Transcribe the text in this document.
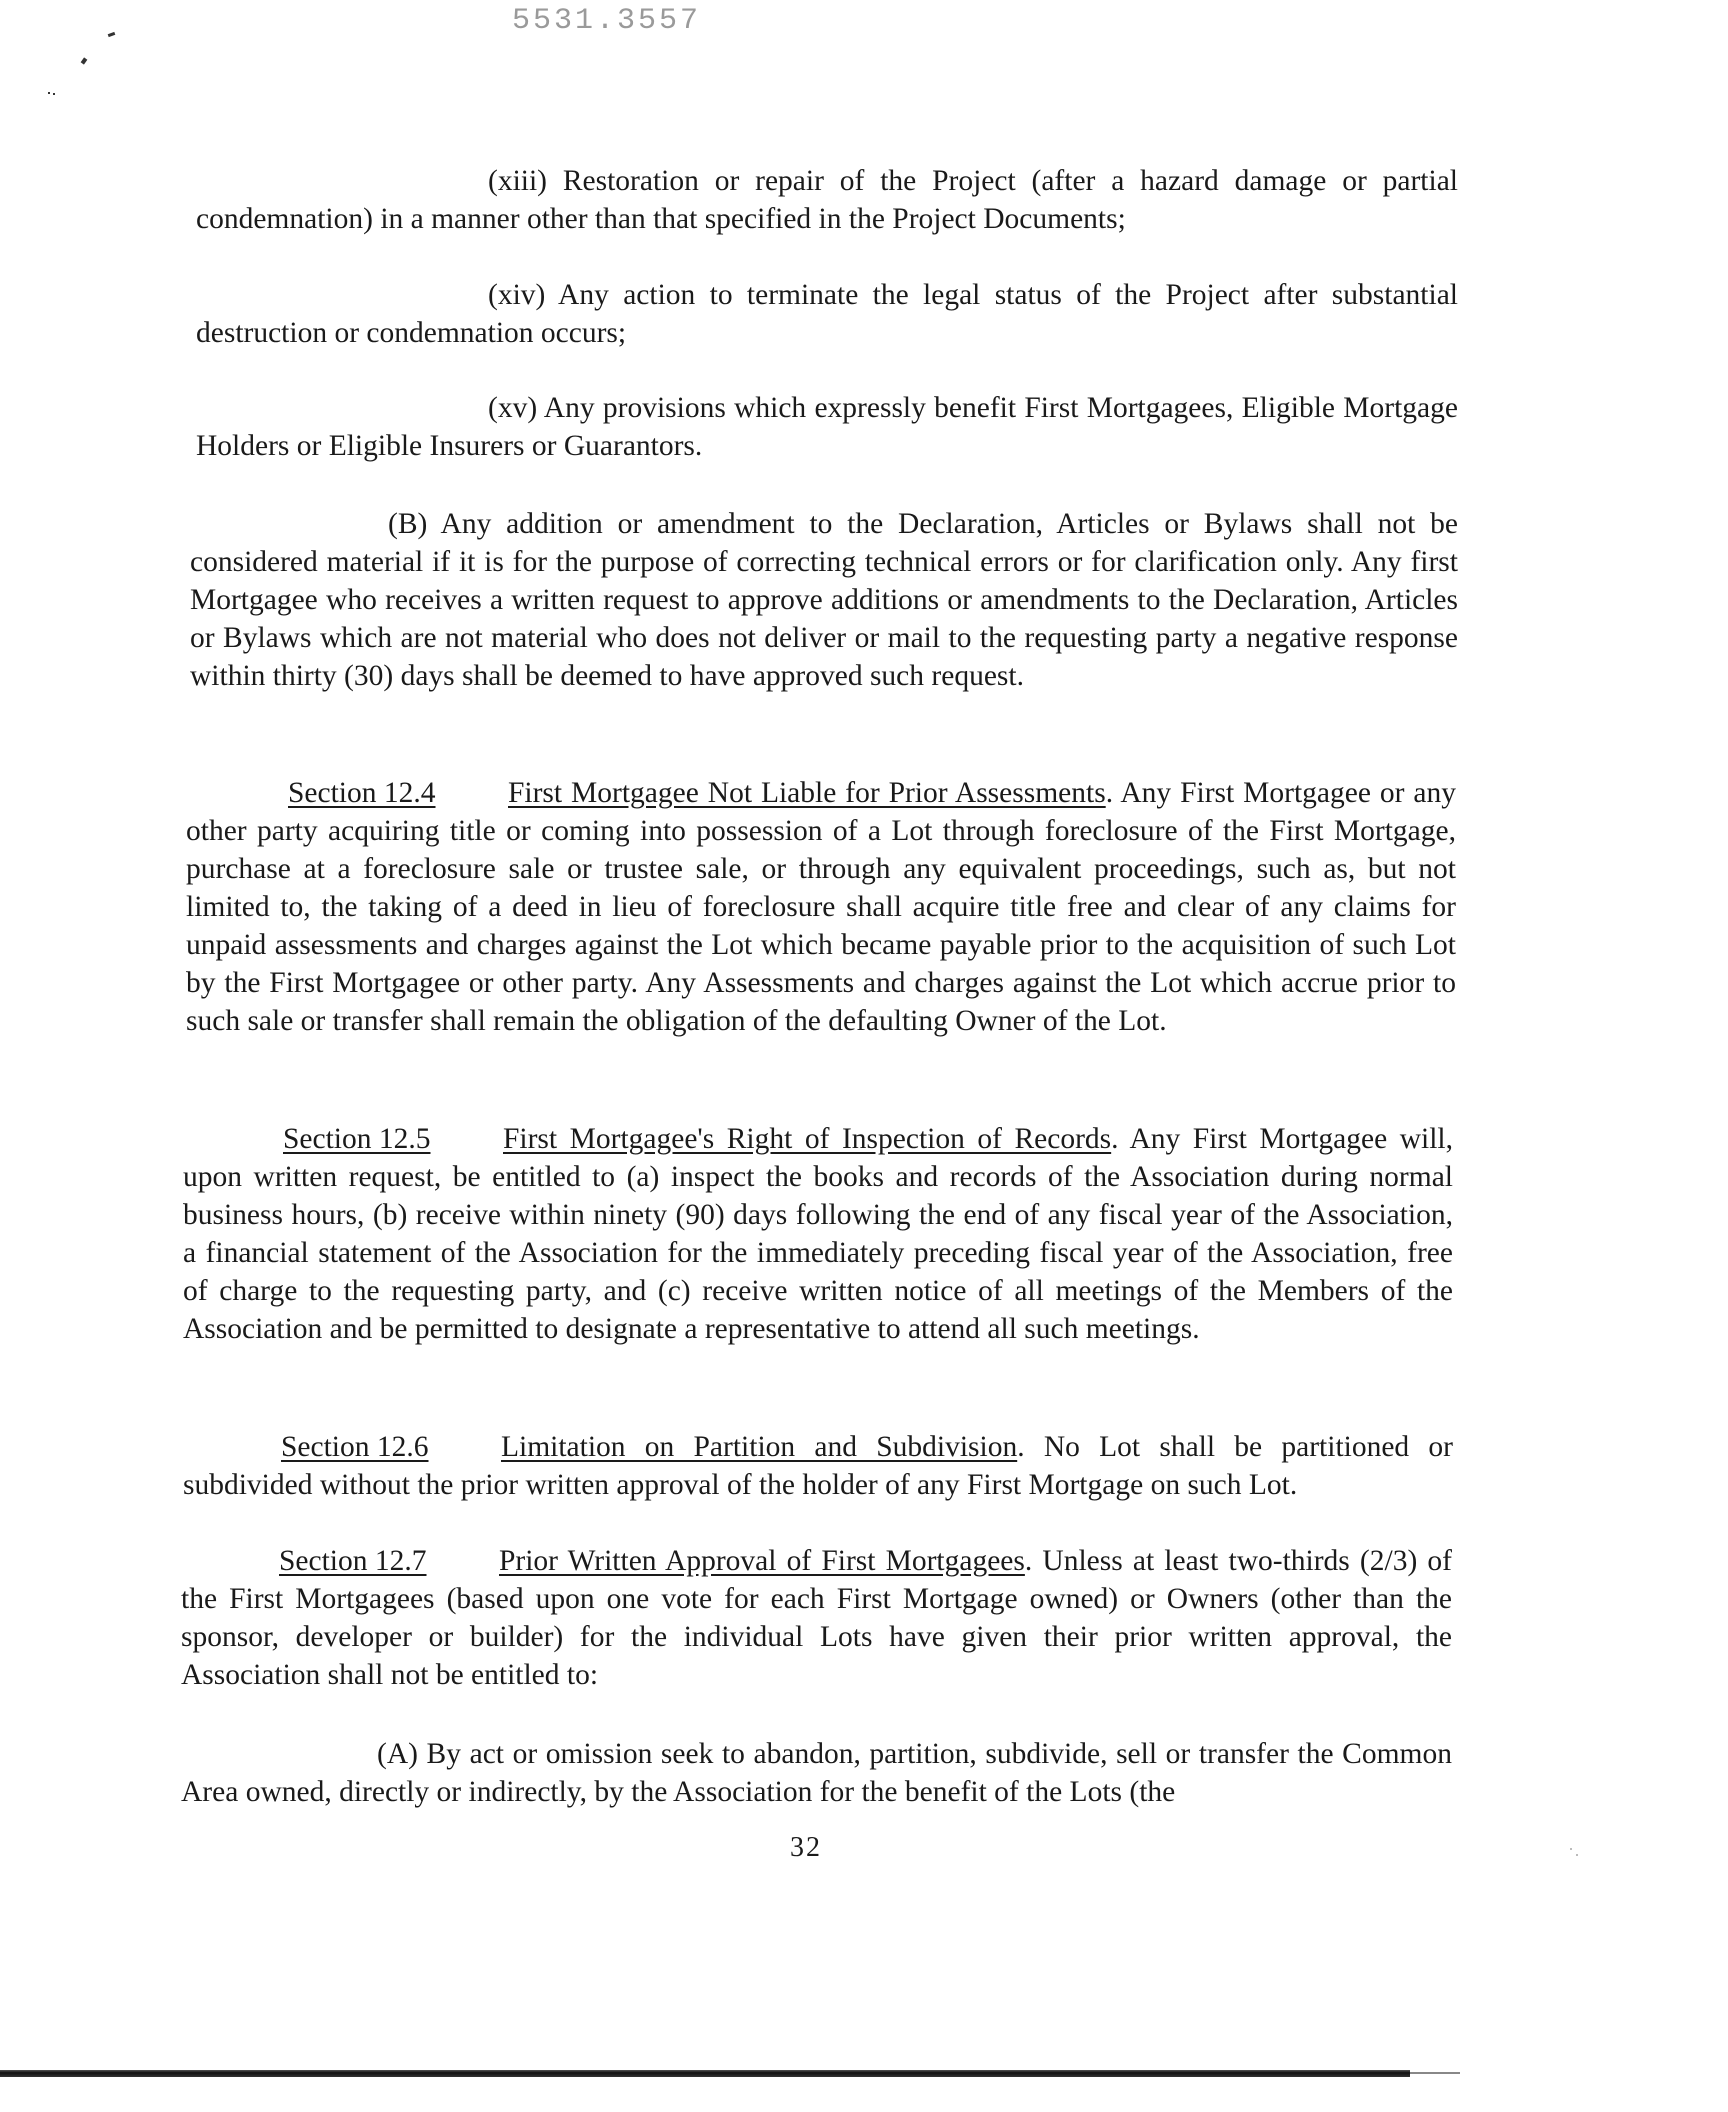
5531.3557

(xiii) Restoration or repair of the Project (after a hazard damage or partial condemnation) in a manner other than that specified in the Project Documents;

(xiv) Any action to terminate the legal status of the Project after substantial destruction or condemnation occurs;

(xv) Any provisions which expressly benefit First Mortgagees, Eligible Mortgage Holders or Eligible Insurers or Guarantors.

(B) Any addition or amendment to the Declaration, Articles or Bylaws shall not be considered material if it is for the purpose of correcting technical errors or for clarification only. Any first Mortgagee who receives a written request to approve additions or amendments to the Declaration, Articles or Bylaws which are not material who does not deliver or mail to the requesting party a negative response within thirty (30) days shall be deemed to have approved such request.

Section 12.4 First Mortgagee Not Liable for Prior Assessments. Any First Mortgagee or any other party acquiring title or coming into possession of a Lot through foreclosure of the First Mortgage, purchase at a foreclosure sale or trustee sale, or through any equivalent proceedings, such as, but not limited to, the taking of a deed in lieu of foreclosure shall acquire title free and clear of any claims for unpaid assessments and charges against the Lot which became payable prior to the acquisition of such Lot by the First Mortgagee or other party. Any Assessments and charges against the Lot which accrue prior to such sale or transfer shall remain the obligation of the defaulting Owner of the Lot.

Section 12.5 First Mortgagee's Right of Inspection of Records. Any First Mortgagee will, upon written request, be entitled to (a) inspect the books and records of the Association during normal business hours, (b) receive within ninety (90) days following the end of any fiscal year of the Association, a financial statement of the Association for the immediately preceding fiscal year of the Association, free of charge to the requesting party, and (c) receive written notice of all meetings of the Members of the Association and be permitted to designate a representative to attend all such meetings.

Section 12.6 Limitation on Partition and Subdivision. No Lot shall be partitioned or subdivided without the prior written approval of the holder of any First Mortgage on such Lot.

Section 12.7 Prior Written Approval of First Mortgagees. Unless at least two-thirds (2/3) of the First Mortgagees (based upon one vote for each First Mortgage owned) or Owners (other than the sponsor, developer or builder) for the individual Lots have given their prior written approval, the Association shall not be entitled to:

(A) By act or omission seek to abandon, partition, subdivide, sell or transfer the Common Area owned, directly or indirectly, by the Association for the benefit of the Lots (the

32
